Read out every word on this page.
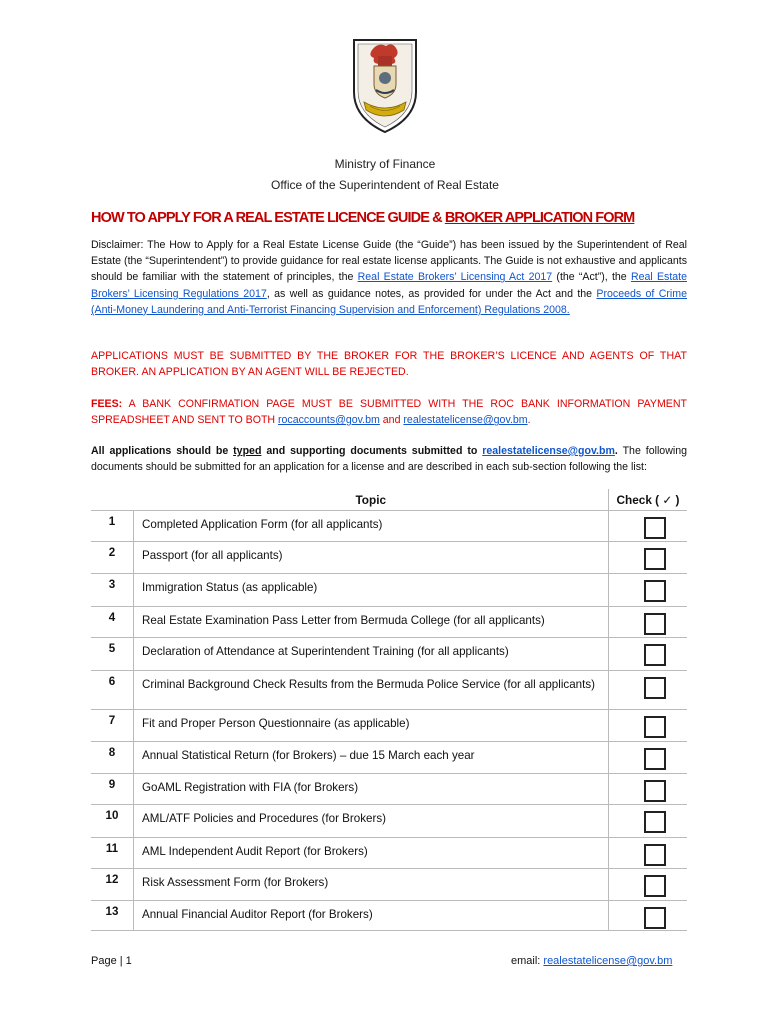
Ministry of Finance
Office of the Superintendent of Real Estate
HOW TO APPLY FOR A REAL ESTATE LICENCE GUIDE & BROKER APPLICATION FORM
Disclaimer: The How to Apply for a Real Estate License Guide (the “Guide”) has been issued by the Superintendent of Real Estate (the “Superintendent”) to provide guidance for real estate license applicants. The Guide is not exhaustive and applicants should be familiar with the statement of principles, the Real Estate Brokers’ Licensing Act 2017 (the “Act”), the Real Estate Brokers’ Licensing Regulations 2017, as well as guidance notes, as provided for under the Act and the Proceeds of Crime (Anti-Money Laundering and Anti-Terrorist Financing Supervision and Enforcement) Regulations 2008.
APPLICATIONS MUST BE SUBMITTED BY THE BROKER FOR THE BROKER’S LICENCE AND AGENTS OF THAT BROKER. AN APPLICATION BY AN AGENT WILL BE REJECTED.
FEES: A BANK CONFIRMATION PAGE MUST BE SUBMITTED WITH THE ROC BANK INFORMATION PAYMENT SPREADSHEET AND SENT TO BOTH rocaccounts@gov.bm and realestatelicense@gov.bm.
All applications should be typed and supporting documents submitted to realestatelicense@gov.bm. The following documents should be submitted for an application for a license and are described in each sub-section following the list:
	Topic	Check ( ✓ )
1	Completed Application Form (for all applicants)	

2	Passport (for all applicants)	

3	Immigration Status (as applicable)	

4	Real Estate Examination Pass Letter from Bermuda College (for all applicants)	

5	Declaration of Attendance at Superintendent Training (for all applicants)	

6	Criminal Background Check Results from the Bermuda Police Service (for all applicants)	

7	Fit and Proper Person Questionnaire (as applicable)	

8	Annual Statistical Return (for Brokers) – due 15 March each year	

9	GoAML Registration with FIA (for Brokers)	

10	AML/ATF Policies and Procedures (for Brokers)	

11	AML Independent Audit Report (for Brokers)	

12	Risk Assessment Form (for Brokers)	

13	Annual Financial Auditor Report (for Brokers)	
Page | 1	email: realestatelicense@gov.bm
